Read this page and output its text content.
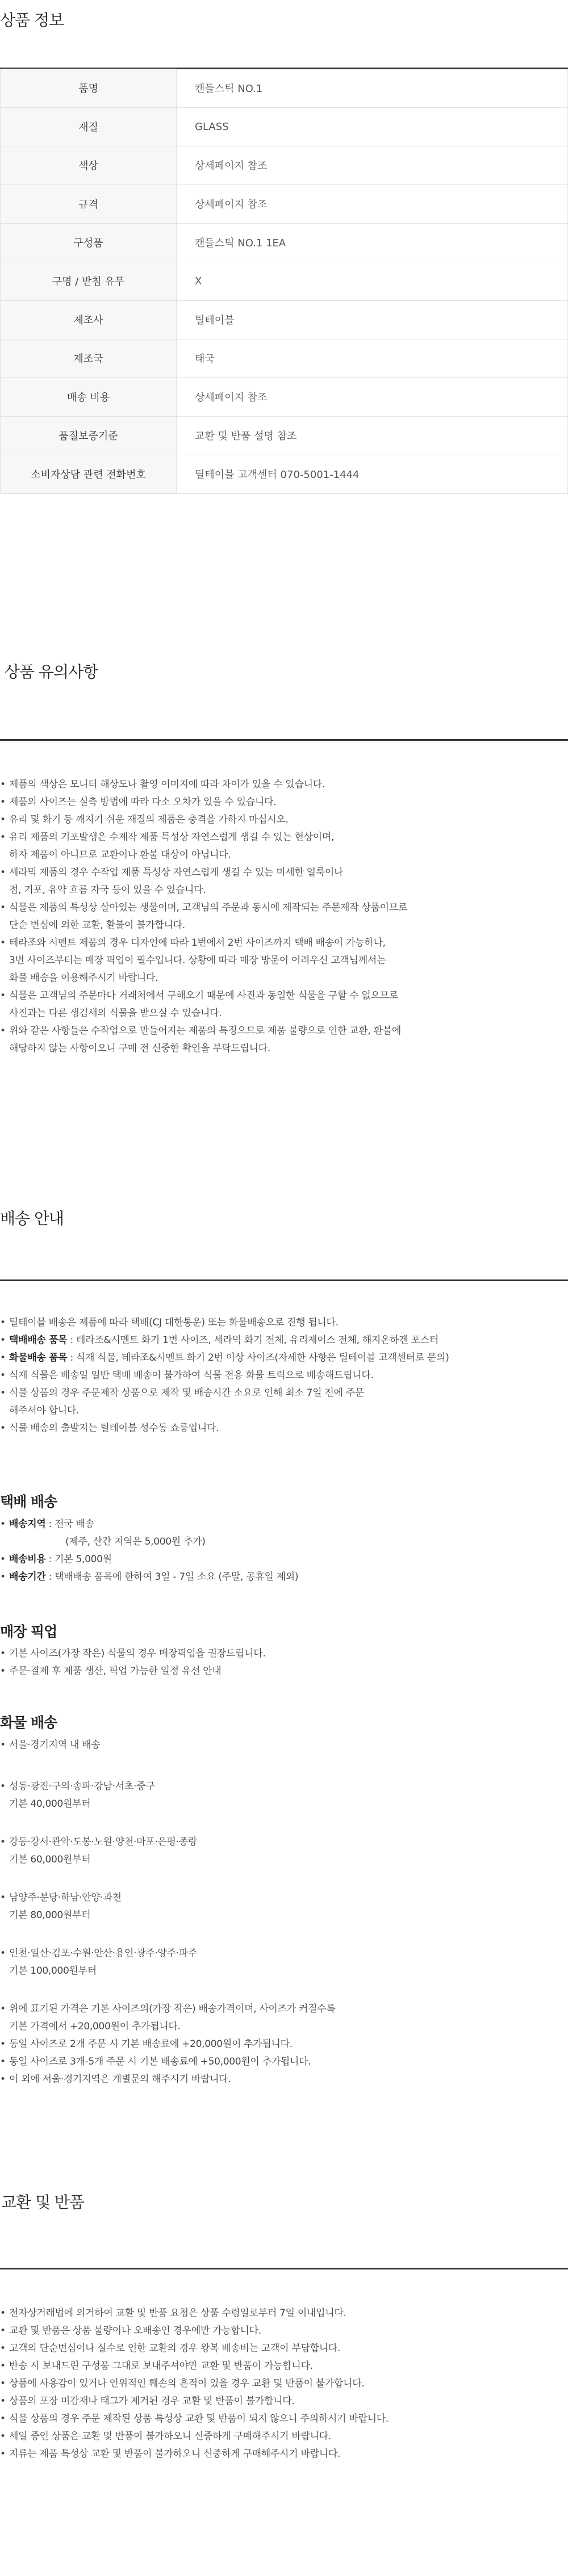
상품 정보
품명	캔들스틱 NO.1
재질	GLASS
색상	상세페이지 참조
규격	상세페이지 참조
구성품	캔들스틱 NO.1 1EA
구명 / 받침 유무	X
제조사	틸테이블
제조국	태국
배송 비용	상세페이지 참조
품질보증기준	교환 및 반품 설명 참조
소비자상담 관련 전화번호	틸테이블 고객센터 070-5001-1444
상품 유의사항
• 제품의 색상은 모니터 해상도나 촬영 이미지에 따라 차이가 있을 수 있습니다.
• 제품의 사이즈는 실측 방법에 따라 다소 오차가 있을 수 있습니다.
• 유리 및 화기 등 깨지기 쉬운 재질의 제품은 충격을 가하지 마십시오.
• 유리 제품의 기포발생은 수제작 제품 특성상 자연스럽게 생길 수 있는 현상이며,
하자 제품이 아니므로 교환이나 환불 대상이 아닙니다.
• 세라믹 제품의 경우 수작업 제품 특성상 자연스럽게 생길 수 있는 미세한 얼룩이나
점, 기포, 유약 흐름 자국 등이 있을 수 있습니다.
• 식물은 제품의 특성상 살아있는 생물이며, 고객님의 주문과 동시에 제작되는 주문제작 상품이므로
단순 변심에 의한 교환, 환불이 불가합니다.
• 테라조와 시멘트 제품의 경우 디자인에 따라 1번에서 2번 사이즈까지 택배 배송이 가능하나,
3번 사이즈부터는 매장 픽업이 필수입니다. 상황에 따라 매장 방문이 어려우신 고객님께서는
화물 배송을 이용해주시기 바랍니다.
• 식물은 고객님의 주문마다 거래처에서 구해오기 때문에 사진과 동일한 식물을 구할 수 없으므로
사진과는 다른 생김새의 식물을 받으실 수 있습니다.
• 위와 같은 사항들은 수작업으로 만들어지는 제품의 특징으므로 제품 불량으로 인한 교환, 환불에
해당하지 않는 사항이오니 구매 전 신중한 확인을 부탁드립니다.
배송 안내
• 틸테이블 배송은 제품에 따라 택배(CJ 대한통운) 또는 화물배송으로 진행 됩니다.
• 택배배송 품목 : 테라조&시멘트 화기 1번 사이즈, 세라믹 화기 전체, 유리제이스 전체, 해지온하겐 포스터
• 화물배송 품목 : 식재 식물, 테라조&시멘트 화기 2번 이상 사이즈(자세한 사항은 틸테이블 고객센터로 문의)
• 식재 식물은 배송일 일반 택배 배송이 불가하여 식물 전용 화물 트럭으로 배송해드립니다.
• 식물 상품의 경우 주문제작 상품으로 제작 및 배송시간 소요로 인해 최소 7일 전에 주문
해주셔야 합니다.
• 식물 배송의 출발지는 틸테이블 성수동 쇼룸입니다.
택배 배송
• 배송지역 : 전국 배송
(제주, 산간 지역은 5,000원 추가)
• 배송비용 : 기본 5,000원
• 배송기간 : 택배배송 품목에 한하여 3일 - 7일 소요 (주말, 공휴일 제외)
매장 픽업
• 기본 사이즈(가장 작은) 식물의 경우 매장픽업을 권장드립니다.
• 주문·결제 후 제품 생산, 픽업 가능한 일정 유선 안내
화물 배송
• 서울·경기지역 내 배송
• 성동·광진·구의·송파·강남·서초·중구
기본 40,000원부터
• 강동·강서·관악·도봉·노원·양천·마포·은평·종랑
기본 60,000원부터
• 남양주·분당·하남·안양·과천
기본 80,000원부터
• 인천·일산·김포·수원·안산·용인·광주·양주·파주
기본 100,000원부터
• 위에 표기된 가격은 기본 사이즈의(가장 작은) 배송가격이며, 사이즈가 커질수록
기본 가격에서 +20,000원이 추가됩니다.
• 동일 사이즈로 2개 주문 시 기본 배송료에 +20,000원이 추가됩니다.
• 동일 사이즈로 3개-5개 주문 시 기본 배송료에 +50,000원이 추가됩니다.
• 이 외에 서울·경기지역은 개별문의 해주시기 바랍니다.
교환 및 반품
• 전자상거래법에 의거하여 교환 및 반품 요청은 상품 수령일로부터 7일 이내입니다.
• 교환 및 반품은 상품 불량이나 오배송인 경우에만 가능합니다.
• 고객의 단순변심이나 실수로 인한 교환의 경우 왕복 배송비는 고객이 부담합니다.
• 반송 시 보내드린 구성품 그대로 보내주셔야만 교환 및 반품이 가능합니다.
• 상품에 사용감이 있거나 인위적인 훼손의 흔적이 있을 경우 교환 및 반품이 불가합니다.
• 상품의 포장 미감재나 태그가 제거된 경우 교환 및 반품이 불가합니다.
• 식물 상품의 경우 주문 제작된 상품 특성상 교환 및 반품이 되지 않으니 주의하시기 바랍니다.
• 세일 중인 상품은 교환 및 반품이 불가하오니 신중하게 구매해주시기 바랍니다.
• 지류는 제품 특성상 교환 및 반품이 불가하오니 신중하게 구매해주시기 바랍니다.
